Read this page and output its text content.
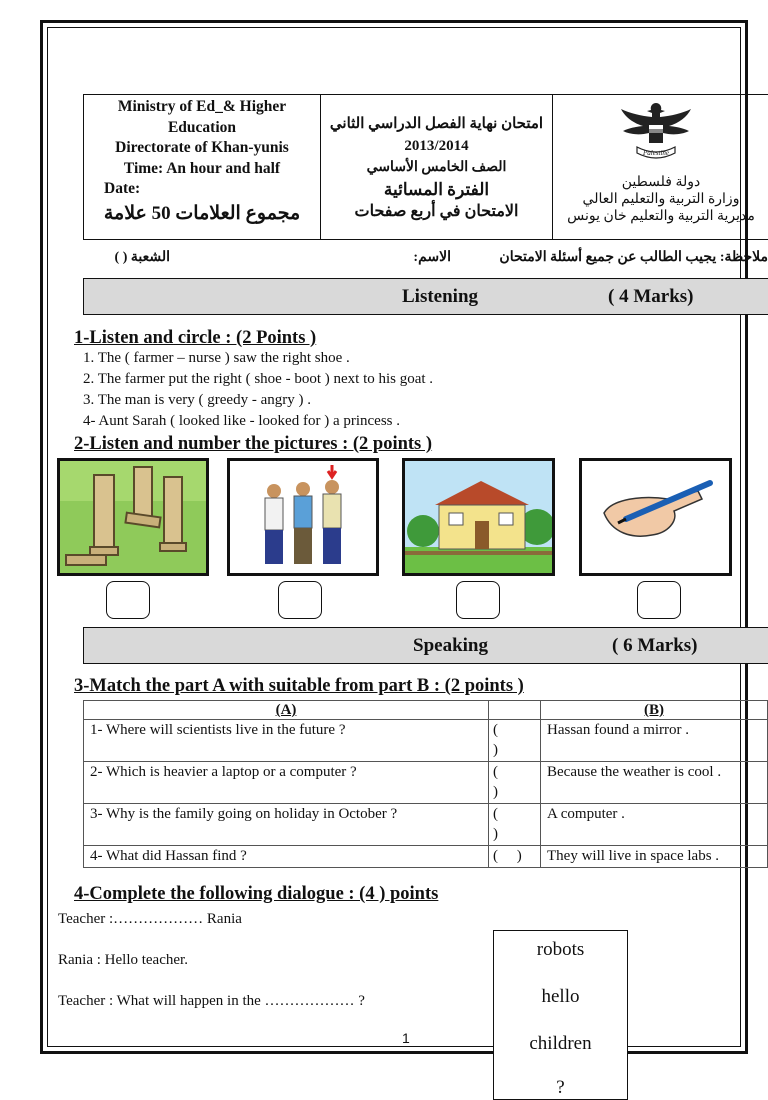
Ministry of Ed_& Higher
Education
Directorate of Khan-yunis
Time: An hour and half
Date:
مجموع العلامات 50 علامة
امتحان نهاية الفصل الدراسي الثاني
2013/2014
الصف الخامس الأساسي
الفترة المسائية
الامتحان في أربع صفحات
Palestine
دولة فلسطين
وزارة التربية والتعليم العالي
مديرية التربية والتعليم خان يونس
ملاحظة: يجيب الطالب عن جميع أسئلة الامتحان
الاسم:
الشعبة ( )
Listening	( 4 Marks)
1-Listen and circle : (2 Points )
1. The ( farmer – nurse ) saw the right shoe .
2. The farmer put the right ( shoe - boot ) next to his goat .
3. The man is very ( greedy - angry ) .
4- Aunt Sarah ( looked like - looked for ) a princess .
2-Listen and number the pictures : (2 points )
Speaking	( 6 Marks)
3-Match the part A with suitable from part B : (2 points )
(A)		(B)
1- Where will scientists live in the future ?	(
)	Hassan found a mirror .
2- Which is heavier a laptop or a computer ?	(
)	Because the weather is cool .
3- Why is the family going on holiday in October ?	(
)	A computer .
4- What did Hassan find ?	(     )	They will live in space labs .
4-Complete the following dialogue : (4 ) points
Teacher :……………… Rania
Rania : Hello teacher.
Teacher : What will happen in the ……………… ?
robots
hello
children
?
1
